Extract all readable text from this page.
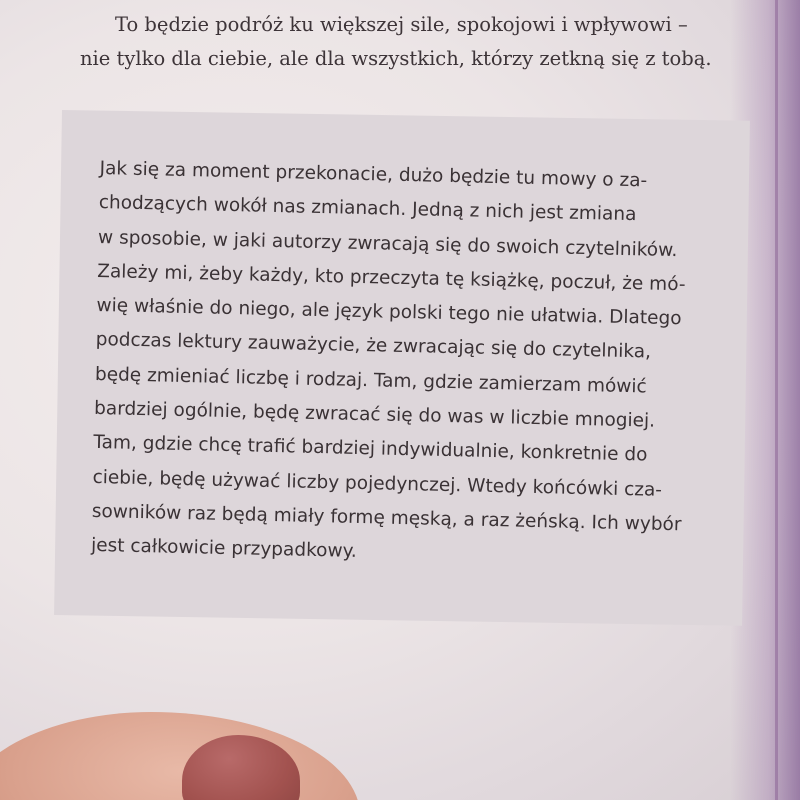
To będzie podróż ku większej sile, spokojowi i wpływowi –
nie tylko dla ciebie, ale dla wszystkich, którzy zetkną się z tobą.
Jak się za moment przekonacie, dużo będzie tu mowy o za-
chodzących wokół nas zmianach. Jedną z nich jest zmiana
w sposobie, w jaki autorzy zwracają się do swoich czytelników.
Zależy mi, żeby każdy, kto przeczyta tę książkę, poczuł, że mó-
wię właśnie do niego, ale język polski tego nie ułatwia. Dlatego
podczas lektury zauważycie, że zwracając się do czytelnika,
będę zmieniać liczbę i rodzaj. Tam, gdzie zamierzam mówić
bardziej ogólnie, będę zwracać się do was w liczbie mnogiej.
Tam, gdzie chcę trafić bardziej indywidualnie, konkretnie do
ciebie, będę używać liczby pojedynczej. Wtedy końcówki cza-
sowników raz będą miały formę męską, a raz żeńską. Ich wybór
jest całkowicie przypadkowy.
